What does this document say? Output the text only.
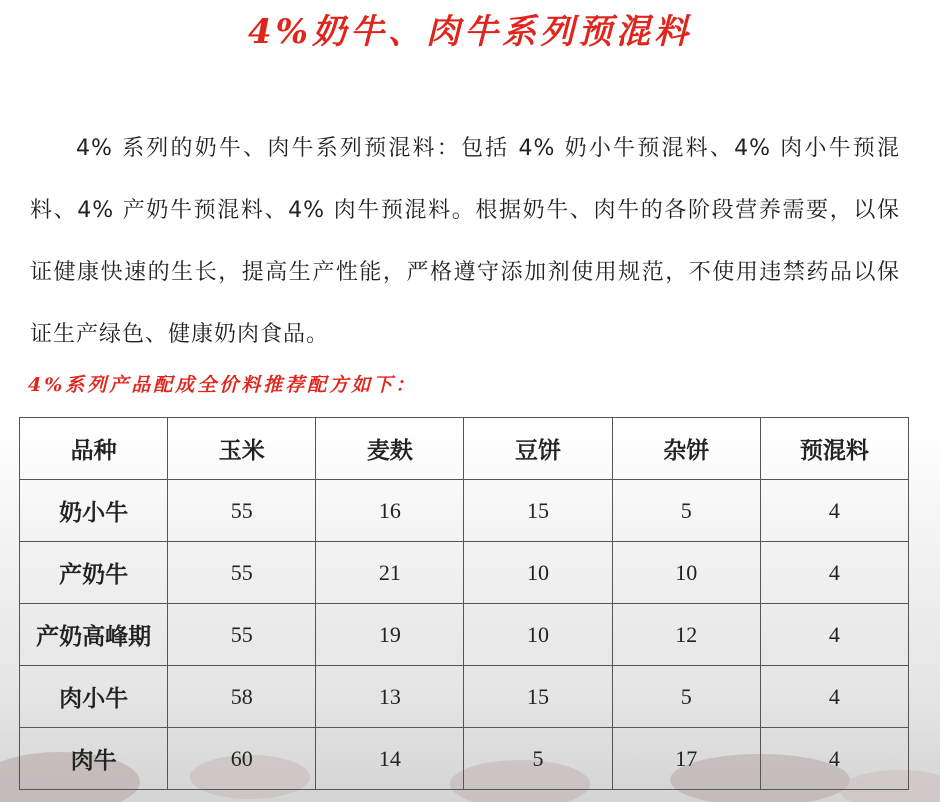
4%奶牛、肉牛系列预混料
4% 系列的奶牛、肉牛系列预混料：包括 4% 奶小牛预混料、4% 肉小牛预混料、4% 产奶牛预混料、4% 肉牛预混料。根据奶牛、肉牛的各阶段营养需要，以保证健康快速的生长，提高生产性能，严格遵守添加剂使用规范，不使用违禁药品以保证生产绿色、健康奶肉食品。
4%系列产品配成全价料推荐配方如下：
品种	玉米	麦麸	豆饼	杂饼	预混料
奶小牛	55	16	15	5	4
产奶牛	55	21	10	10	4
产奶高峰期	55	19	10	12	4
肉小牛	58	13	15	5	4
肉牛	60	14	5	17	4
